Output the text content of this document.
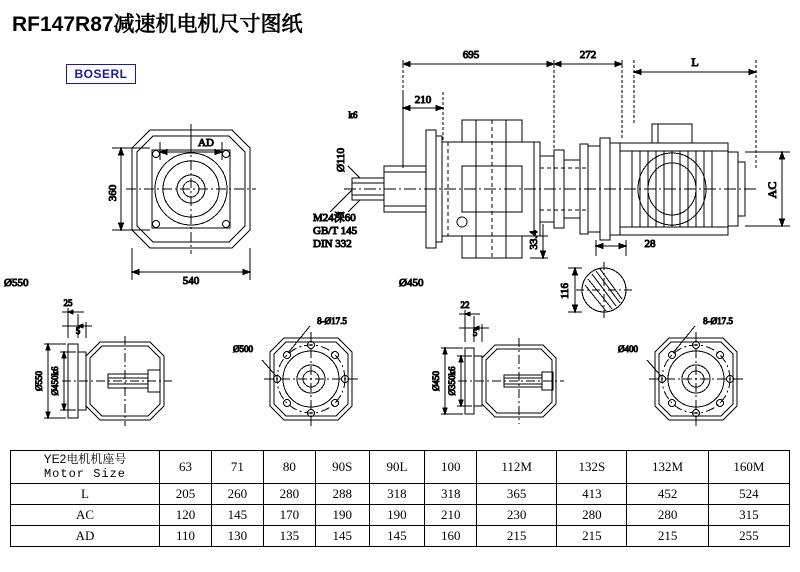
RF147R87减速机电机尺寸图纸
BOSERL
AD
360
540
695	272	L
210
Ø110
k6
33.4
AC
M24深60
GB/T 145
DIN 332	28
116
Ø550	Ø450
25
5
Ø550 Ø450k6
8-Ø17.5
Ø500
22
5
Ø450 Ø350k6
8-Ø17.5
Ø400
YE2电机机座号
Motor Size	63	71	80	90S	90L	100	112M	132S	132M	160M
L	205	260	280	288	318	318	365	413	452	524
AC	120	145	170	190	190	210	230	280	280	315
AD	110	130	135	145	145	160	215	215	215	255
